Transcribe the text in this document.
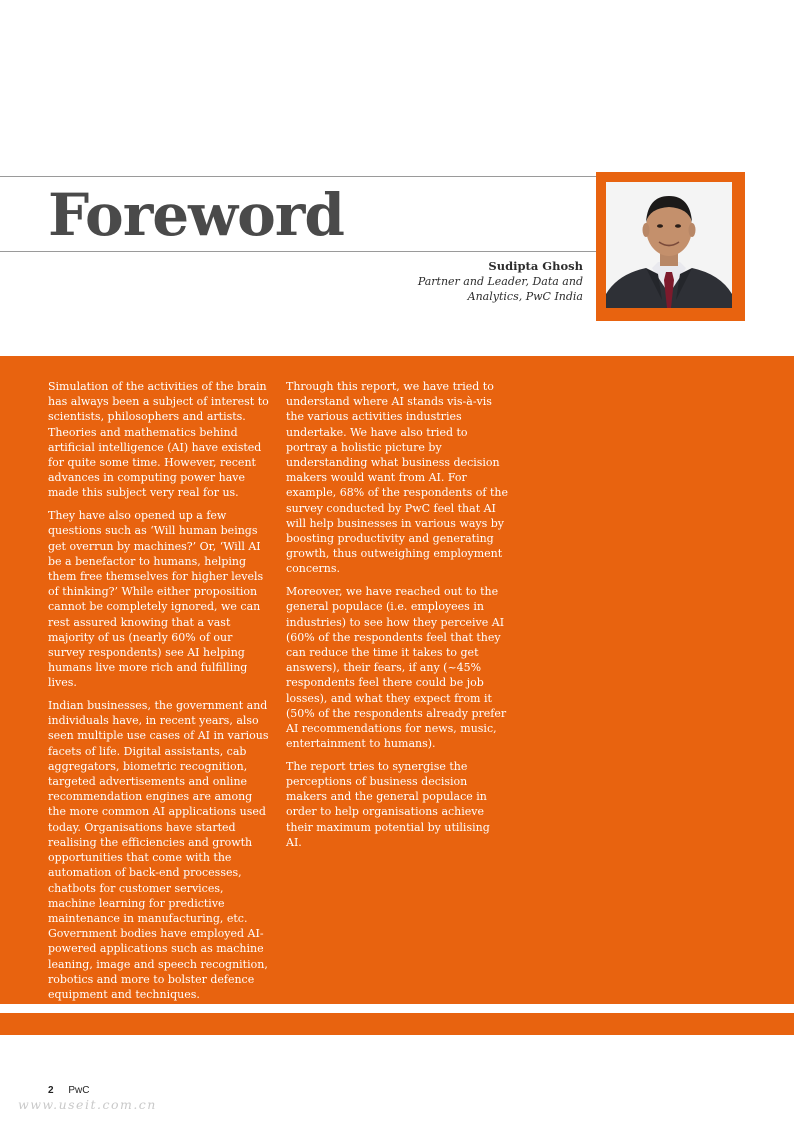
Foreword
Sudipta Ghosh
Partner and Leader, Data and
Analytics, PwC India

Simulation of the activities of the brain has always been a subject of interest to scientists, philosophers and artists. Theories and mathematics behind artificial intelligence (AI) have existed for quite some time. However, recent advances in computing power have made this subject very real for us.

They have also opened up a few questions such as ‘Will human beings get overrun by machines?’ Or, ‘Will AI be a benefactor to humans, helping them free themselves for higher levels of thinking?’ While either proposition cannot be completely ignored, we can rest assured knowing that a vast majority of us (nearly 60% of our survey respondents) see AI helping humans live more rich and fulfilling lives.

Indian businesses, the government and individuals have, in recent years, also seen multiple use cases of AI in various facets of life. Digital assistants, cab aggregators, biometric recognition, targeted advertisements and online recommendation engines are among the more common AI applications used today. Organisations have started realising the efficiencies and growth opportunities that come with the automation of back-end processes, chatbots for customer services, machine learning for predictive maintenance in manufacturing, etc. Government bodies have employed AI-powered applications such as machine leaning, image and speech recognition, robotics and more to bolster defence equipment and techniques.

Through this report, we have tried to understand where AI stands vis-à-vis the various activities industries undertake. We have also tried to portray a holistic picture by understanding what business decision makers would want from AI. For example, 68% of the respondents of the survey conducted by PwC feel that AI will help businesses in various ways by boosting productivity and generating growth, thus outweighing employment concerns.

Moreover, we have reached out to the general populace (i.e. employees in industries) to see how they perceive AI (60% of the respondents feel that they can reduce the time it takes to get answers), their fears, if any (~45% respondents feel there could be job losses), and what they expect from it (50% of the respondents already prefer AI recommendations for news, music, entertainment to humans).

The report tries to synergise the perceptions of business decision makers and the general populace in order to help organisations achieve their maximum potential by utilising AI.

2 PwC
www.useit.com.cn
